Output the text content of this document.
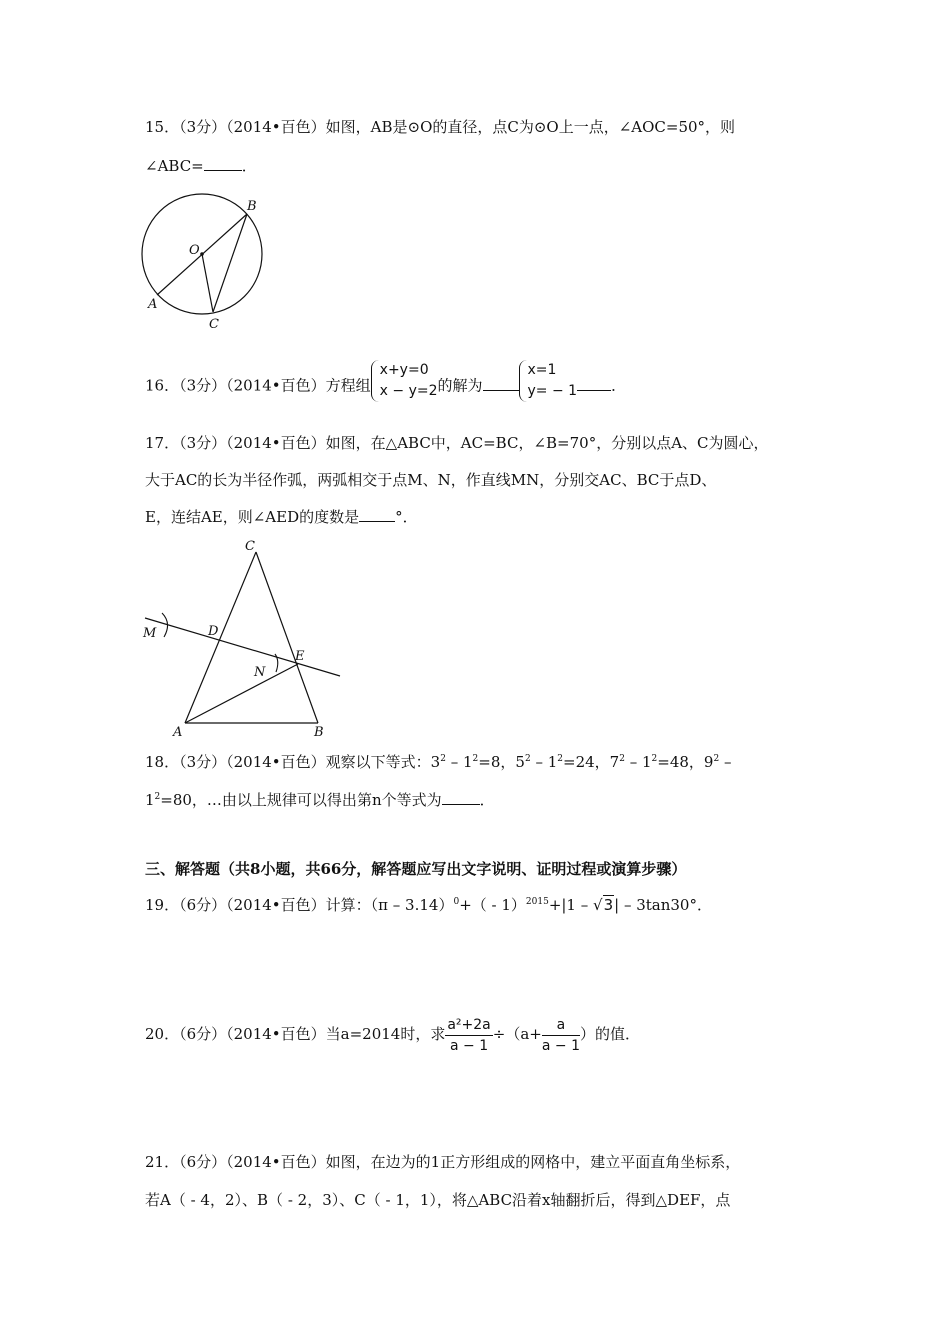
15．（3分）（2014•百色）如图，AB是⊙O的直径，点C为⊙O上一点，∠AOC=50°，则
∠ABC=	．
B
O
A
C
16．（3分）（2014•百色）方程组
x+y=0
x − y=2 的解为
x=1
y= − 1 ．
17．（3分）（2014•百色）如图，在△ABC中，AC=BC，∠B=70°，分别以点A、C为圆心，
大于AC的长为半径作弧，两弧相交于点M、N，作直线MN，分别交AC、BC于点D、
E，连结AE，则∠AED的度数是 °．
C
M	D
N
E
A	B
18．（3分）（2014•百色）观察以下等式：$3^2 - 1^2=8$，$5^2 - 1^2=24$，$7^2 - 1^2=48$，$9^2$ –
$1^2=80$，…由以上规律可以得出第n个等式为	．
三、解答题（共8小题，共66分，解答题应写出文字说明、证明过程或演算步骤）
19．（6分）（2014•百色）计算：（π – 3.14）$^0$+（ - 1）$^{2015}$+|1 – √3| – 3tan30°．
20．（6分）（2014•百色）当a=2014时，求 $\frac{\text{a²+2a}}{a - 1} \div(a+ \frac{a}{a - 1}$ ）的值．
21．（6分）（2014•百色）如图，在边为的1正方形组成的网格中，建立平面直角坐标系，
若A（ - 4，2）、B（ - 2，3）、C（ - 1，1），将△ABC沿着x轴翻折后，得到△DEF，点
